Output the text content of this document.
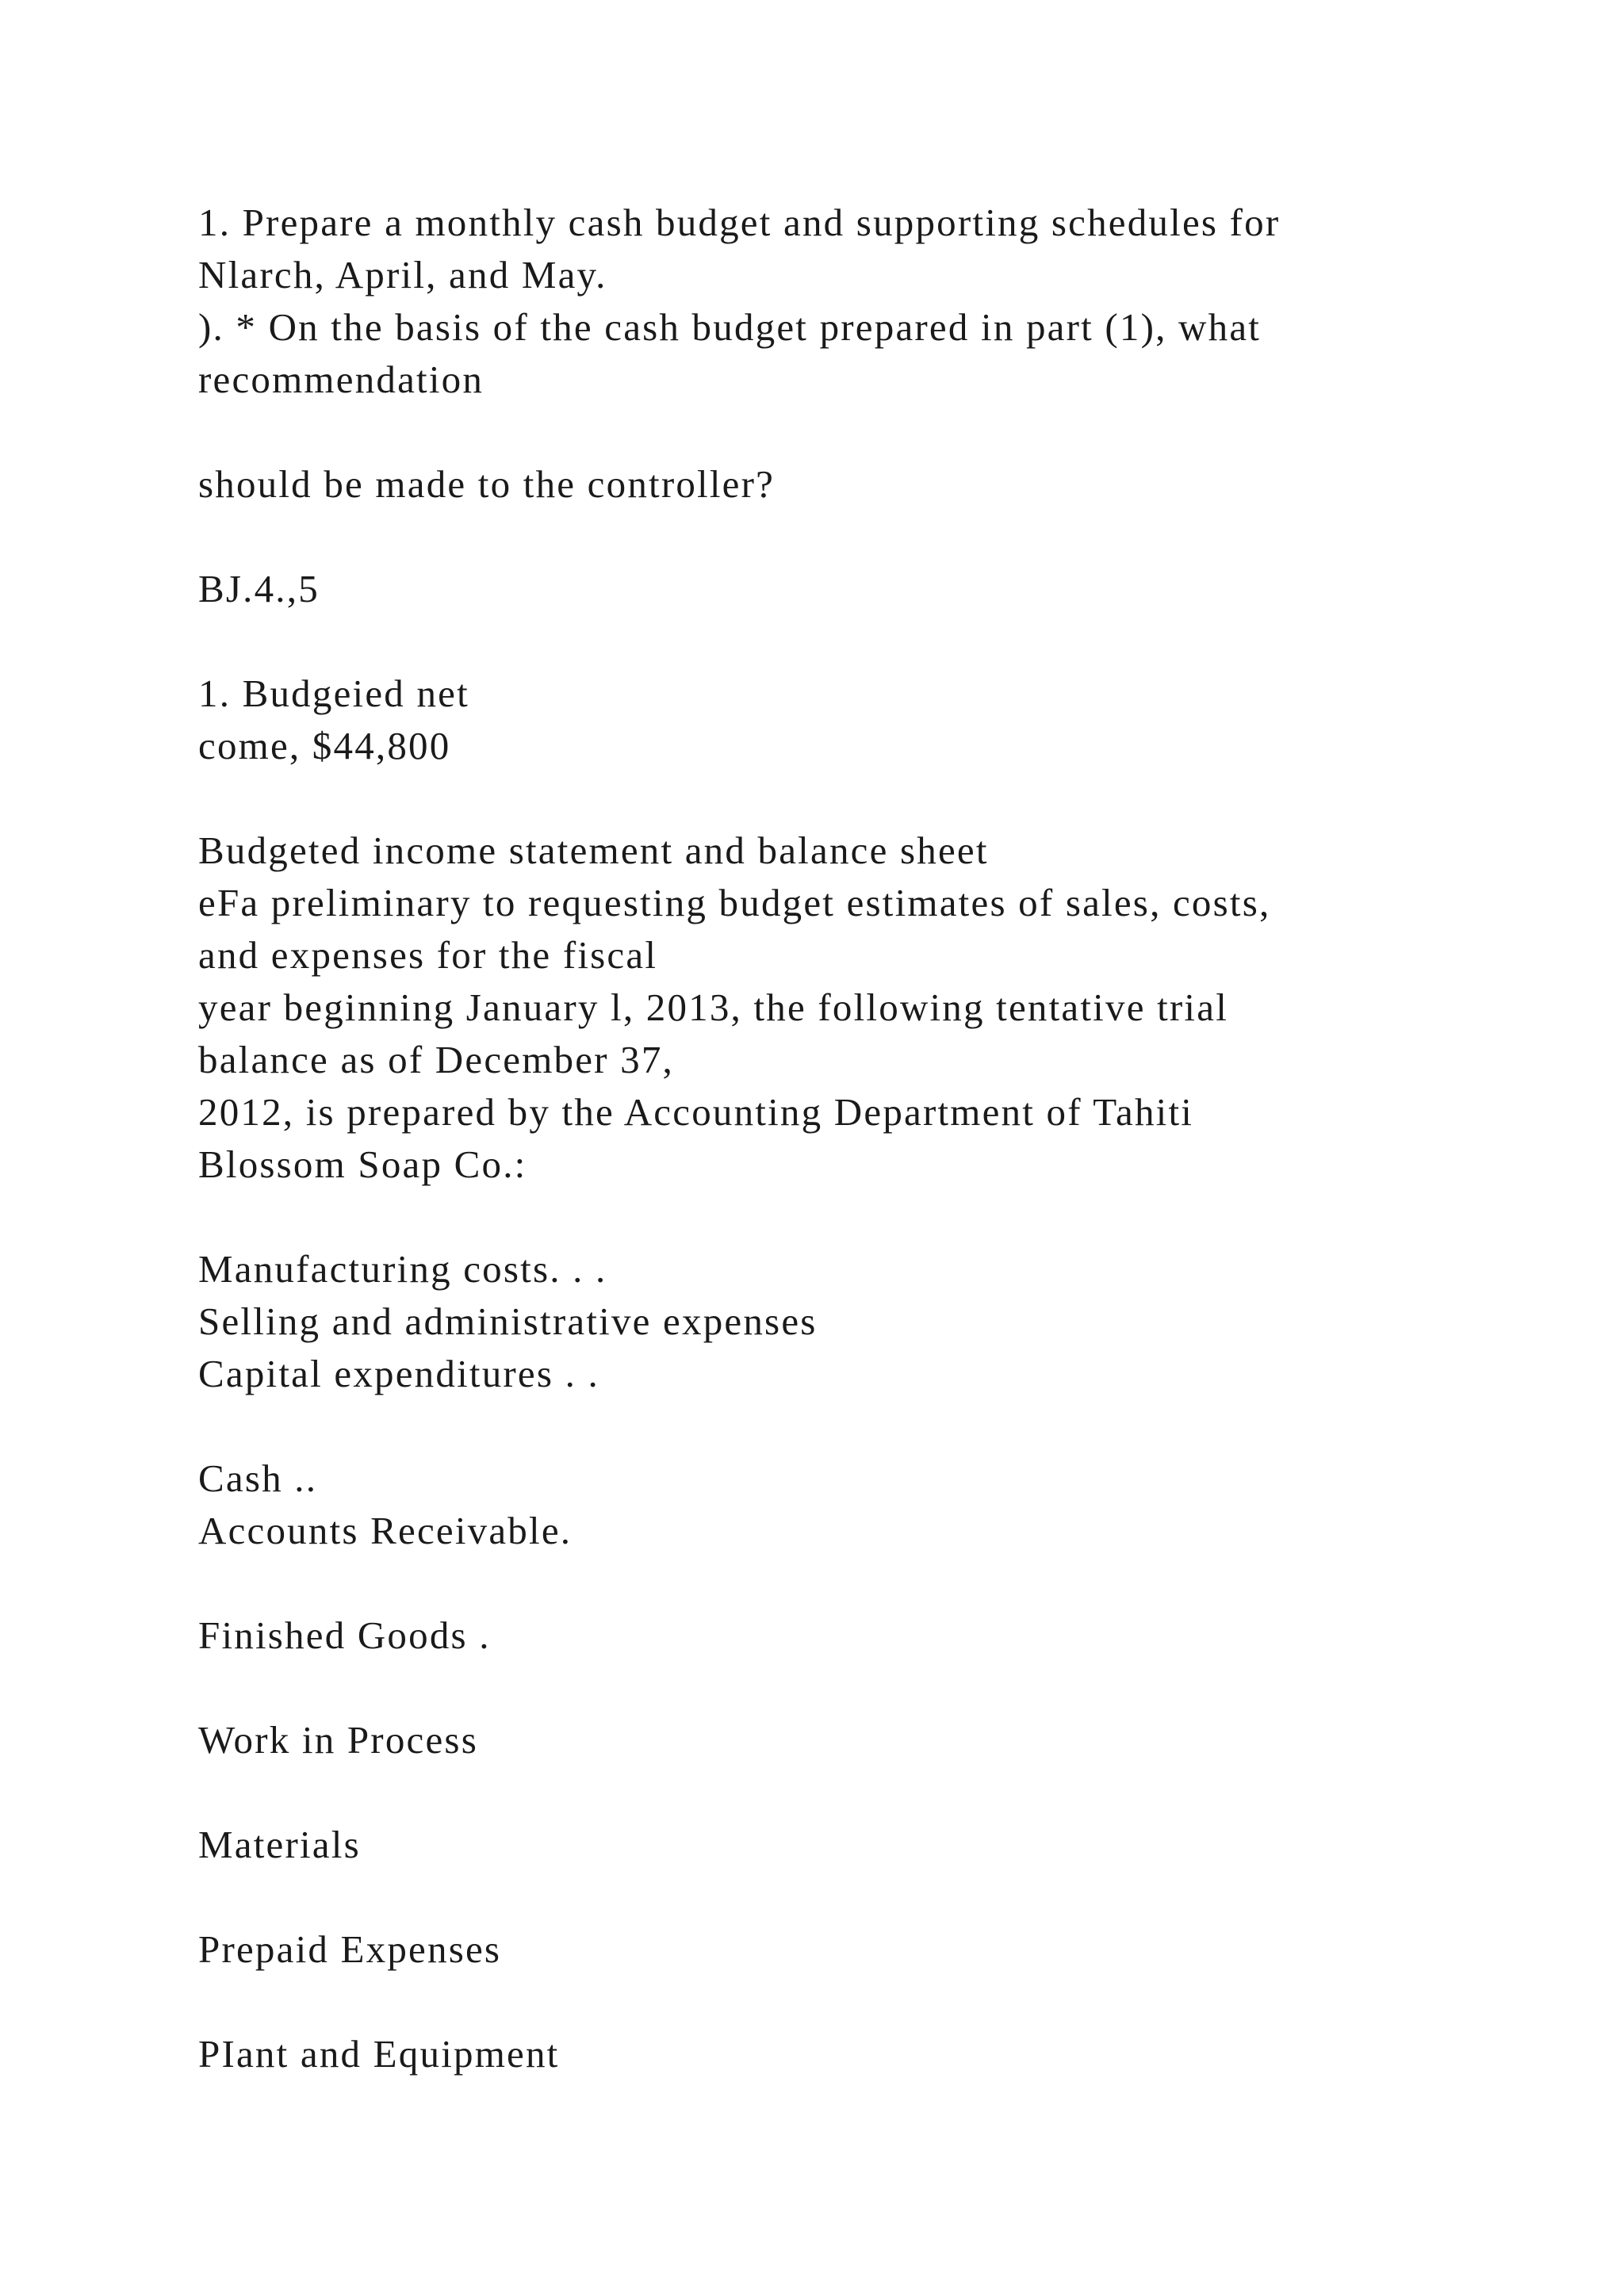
1. Prepare a monthly cash budget and supporting schedules for
Nlarch, April, and May.
). * On the basis of the cash budget prepared in part (1), what
recommendation
should be made to the controller?
BJ.4.,5
1. Budgeied net
come, $44,800
Budgeted income statement and balance sheet
eFa preliminary to requesting budget estimates of sales, costs,
and expenses for the fiscal
year beginning January l, 2013, the following tentative trial
balance as of December 37,
2012, is prepared by the Accounting Department of Tahiti
Blossom Soap Co.:
Manufacturing costs. . .
Selling and administrative expenses
Capital expenditures . .
Cash ..
Accounts Receivable.
Finished Goods .
Work in Process
Materials
Prepaid Expenses
PIant and Equipment
